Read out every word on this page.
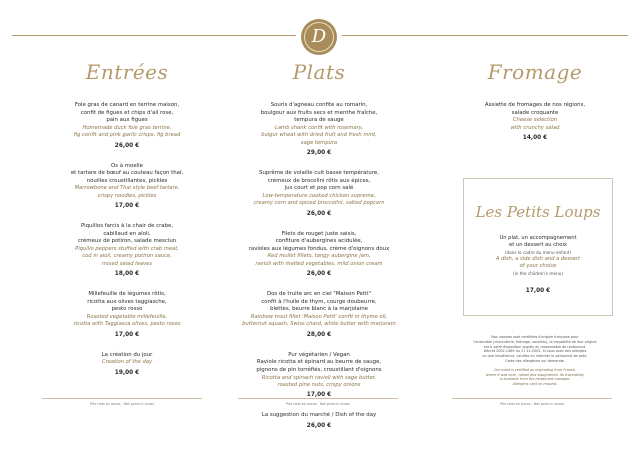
D
Entrées
Foie gras de canard en terrine maison,
confit de figues et chips d'ail rose,
pain aux figues
Homemade duck foie gras terrine,
fig confit and pink garlic crisps, fig bread
26,00 €
Os à moelle
et tartare de bœuf au couteau façon thaï,
nouilles croustillantes, pickles
Marrowbone and Thai style beef tartare,
crispy noodles, pickles
17,00 €
Piquillos farcis à la chair de crabe,
cabillaud en aïoli,
crémeux de potiron, salade mesclun
Piquillo peppers stuffed with crab meat,
cod in aioli, creamy potiron sauce,
mixed salad leaves
18,00 €
Millefeuille de légumes rôtis,
ricotta aux olives taggiasche,
pesto rosso
Roasted vegetable millefeuille,
ricotta with Taggiasca olives, pesto rosso
17,00 €
La création du jour
Creation of the day
19,00 €
Plats
Souris d'agneau confite au romarin,
boulgour aux fruits secs et menthe fraîche,
tempura de sauge
Lamb shank confit with rosemary,
bulgur wheat with dried fruit and fresh mint,
sage tempura
29,00 €
Suprême de volaille cuit basse température,
crémeux de brocolini rôtis aux épices,
jus court et pop corn salé
Low-temperature cooked chicken supreme,
creamy corn and spiced broccolini, salted popcorn
26,00 €
Filets de rouget juste saisis,
confiture d'aubergines acidulée,
ravioles aux légumes fondus, crème d'oignons doux
Red mullet fillets, tangy aubergine jam,
ravioli with melted vegetables, mild onion cream
26,00 €
Dos de truite arc en ciel "Maison Petit"
confit à l'huile de thym, courge doubeurre,
blettes, beurre blanc à la marjolaine
Rainbow trout fillet 'Maison Petit' confit in thyme oil,
butternut squash, Swiss chard, white butter with marjoram
28,00 €
Pur végétarien / Vegan
Raviole ricotta et épinard au beurre de sauge,
pignons de pin torréfiés, croustillant d'oignons
Ricotta and spinach ravioli with sage butter,
roasted pine nuts, crispy onions
17,00 €
La suggestion du marché / Dish of the day
26,00 €
Fromage
Assiette de fromages de nos régions,
salade croquante
Cheese selection
with crunchy salad
14,00 €
Les Petits Loups
Un plat, un accompagnement
et un dessert au choix
(dans le cadre du menu enfant)
A dish, a side dish and a dessert
of your choice
(in the children's menu)
17,00 €
Nos viandes sont certifiées d'origine française pour
l'ensemble (charcuterie, fromage, volailles), la traçabilité de leur origine
est à votre disposition auprès du responsable de restaurant.
Décret 2002-1465 du 17.12.2002. Si vous avez des allergies
ou une intolérance, veuillez en informer le personnel de salle.
Carte des allergènes sur demande.
Our meat is certified as originating from France,
where it was born, raised and slaughtered. Its traceability
is available from the restaurant manager.
Allergens card on request.
Prix nets en euros - Net price in euros	Prix nets en euros - Net price in euros	Prix nets en euros - Net price in euros
